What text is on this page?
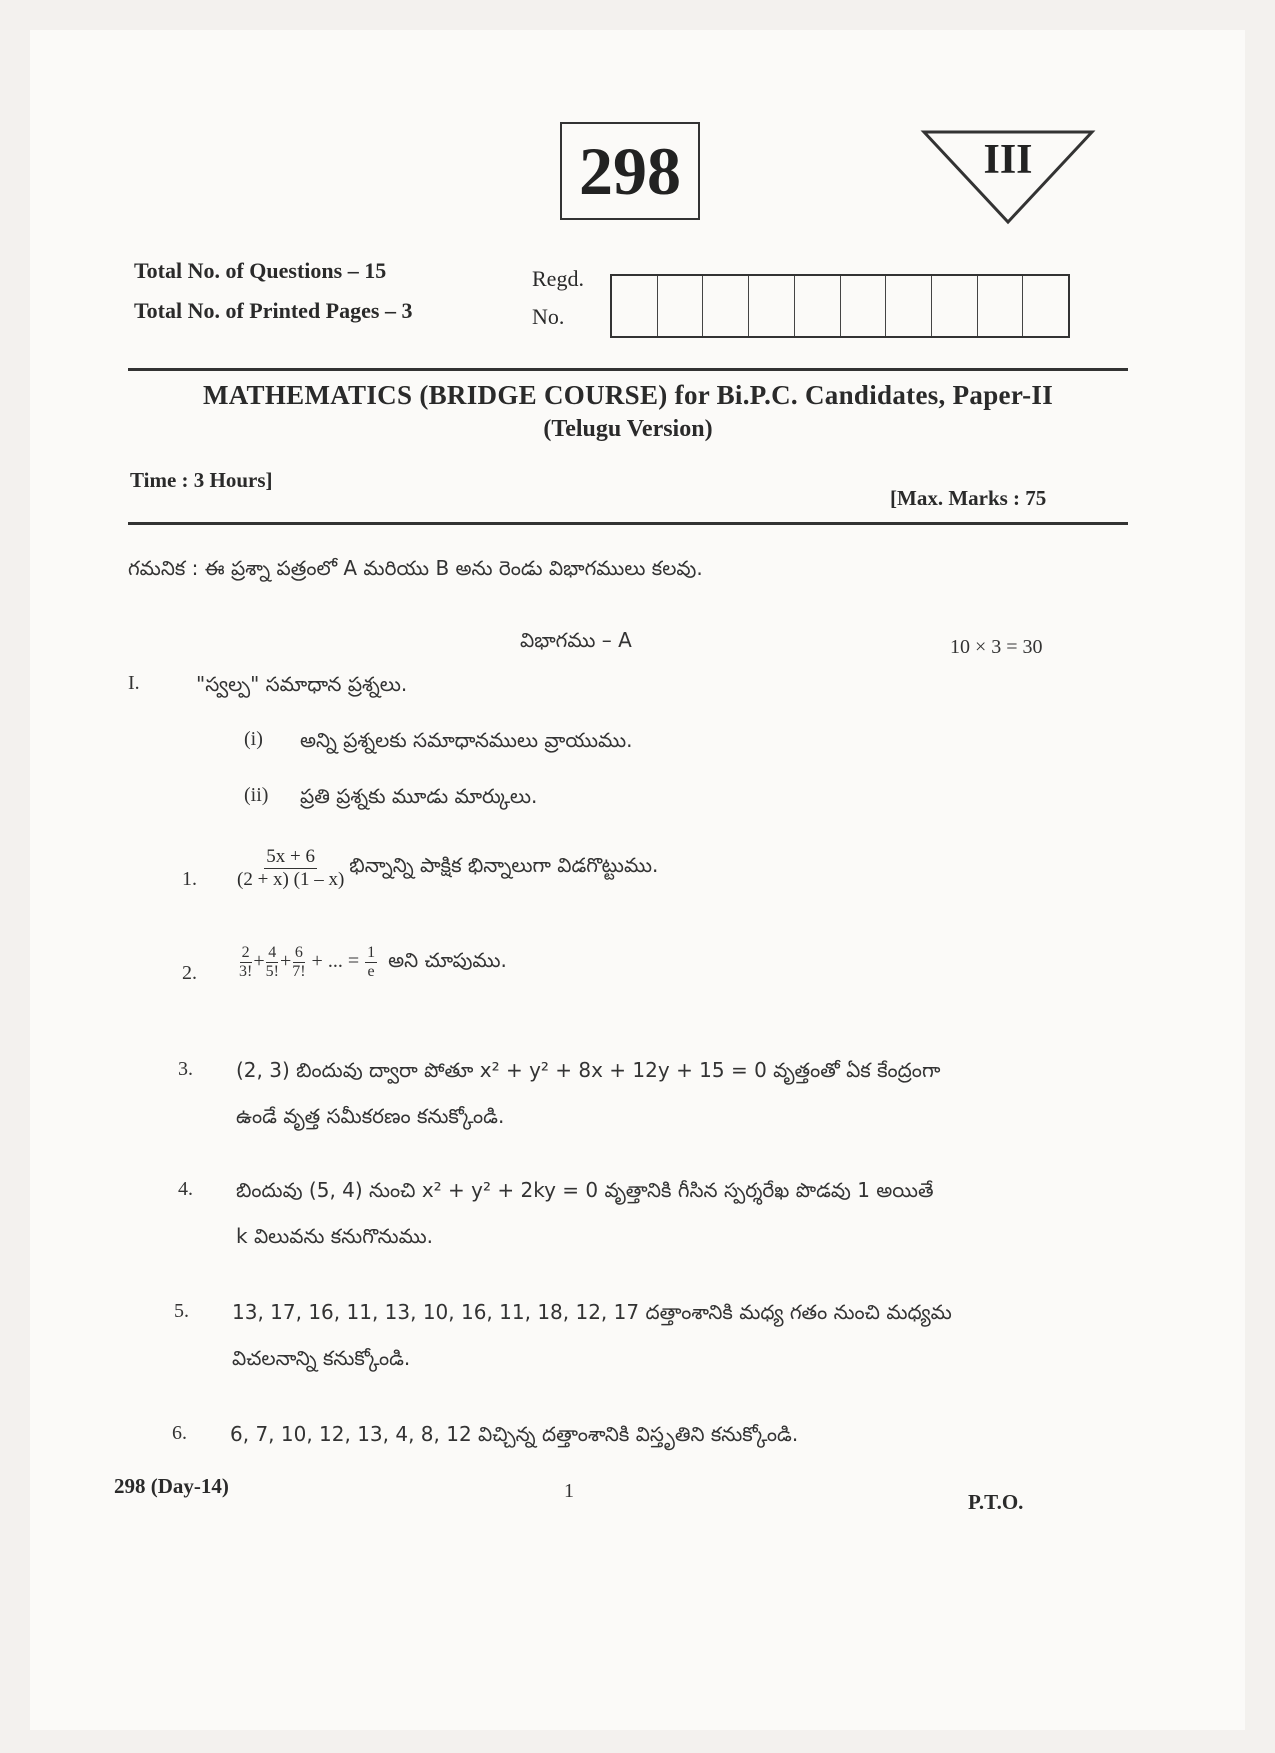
298	III
Total No. of Questions – 15
Total No. of Printed Pages – 3
Regd.
No.
MATHEMATICS (BRIDGE COURSE) for Bi.P.C. Candidates, Paper-II
(Telugu Version)
Time : 3 Hours]
[Max. Marks : 75
గమనిక : ఈ ప్రశ్నా పత్రంలో A మరియు B అను రెండు విభాగములు కలవు.
విభాగము – A	10 × 3 = 30
I.	"స్వల్ప" సమాధాన ప్రశ్నలు.
(i) అన్ని ప్రశ్నలకు సమాధానములు వ్రాయుము.
(ii) ప్రతి ప్రశ్నకు మూడు మార్కులు.
1. $\frac{5x + 6}{(2 + x) (1 - x)}$ భిన్నాన్ని పాక్షిక భిన్నాలుగా విడగొట్టుము.
2.	$\frac{2}{3!} + \frac{4}{5!} + \frac{6}{7!}$ + ... = $\frac{1}{e}$ అని చూపుము.
3. (2, 3) బిందువు ద్వారా పోతూ x² + y² + 8x + 12y + 15 = 0 వృత్తంతో ఏక కేంద్రంగా
ఉండే వృత్త సమీకరణం కనుక్కోండి.
4. బిందువు (5, 4) నుంచి x² + y² + 2ky = 0 వృత్తానికి గీసిన స్పర్శరేఖ పొడవు 1 అయితే
k విలువను కనుగొనుము.
5. 13, 17, 16, 11, 13, 10, 16, 11, 18, 12, 17 దత్తాంశానికి మధ్య గతం నుంచి మధ్యమ
విచలనాన్ని కనుక్కోండి.
6. 6, 7, 10, 12, 13, 4, 8, 12 విచ్చిన్న దత్తాంశానికి విస్తృతిని కనుక్కోండి.
298 (Day-14)	1	P.T.O.
